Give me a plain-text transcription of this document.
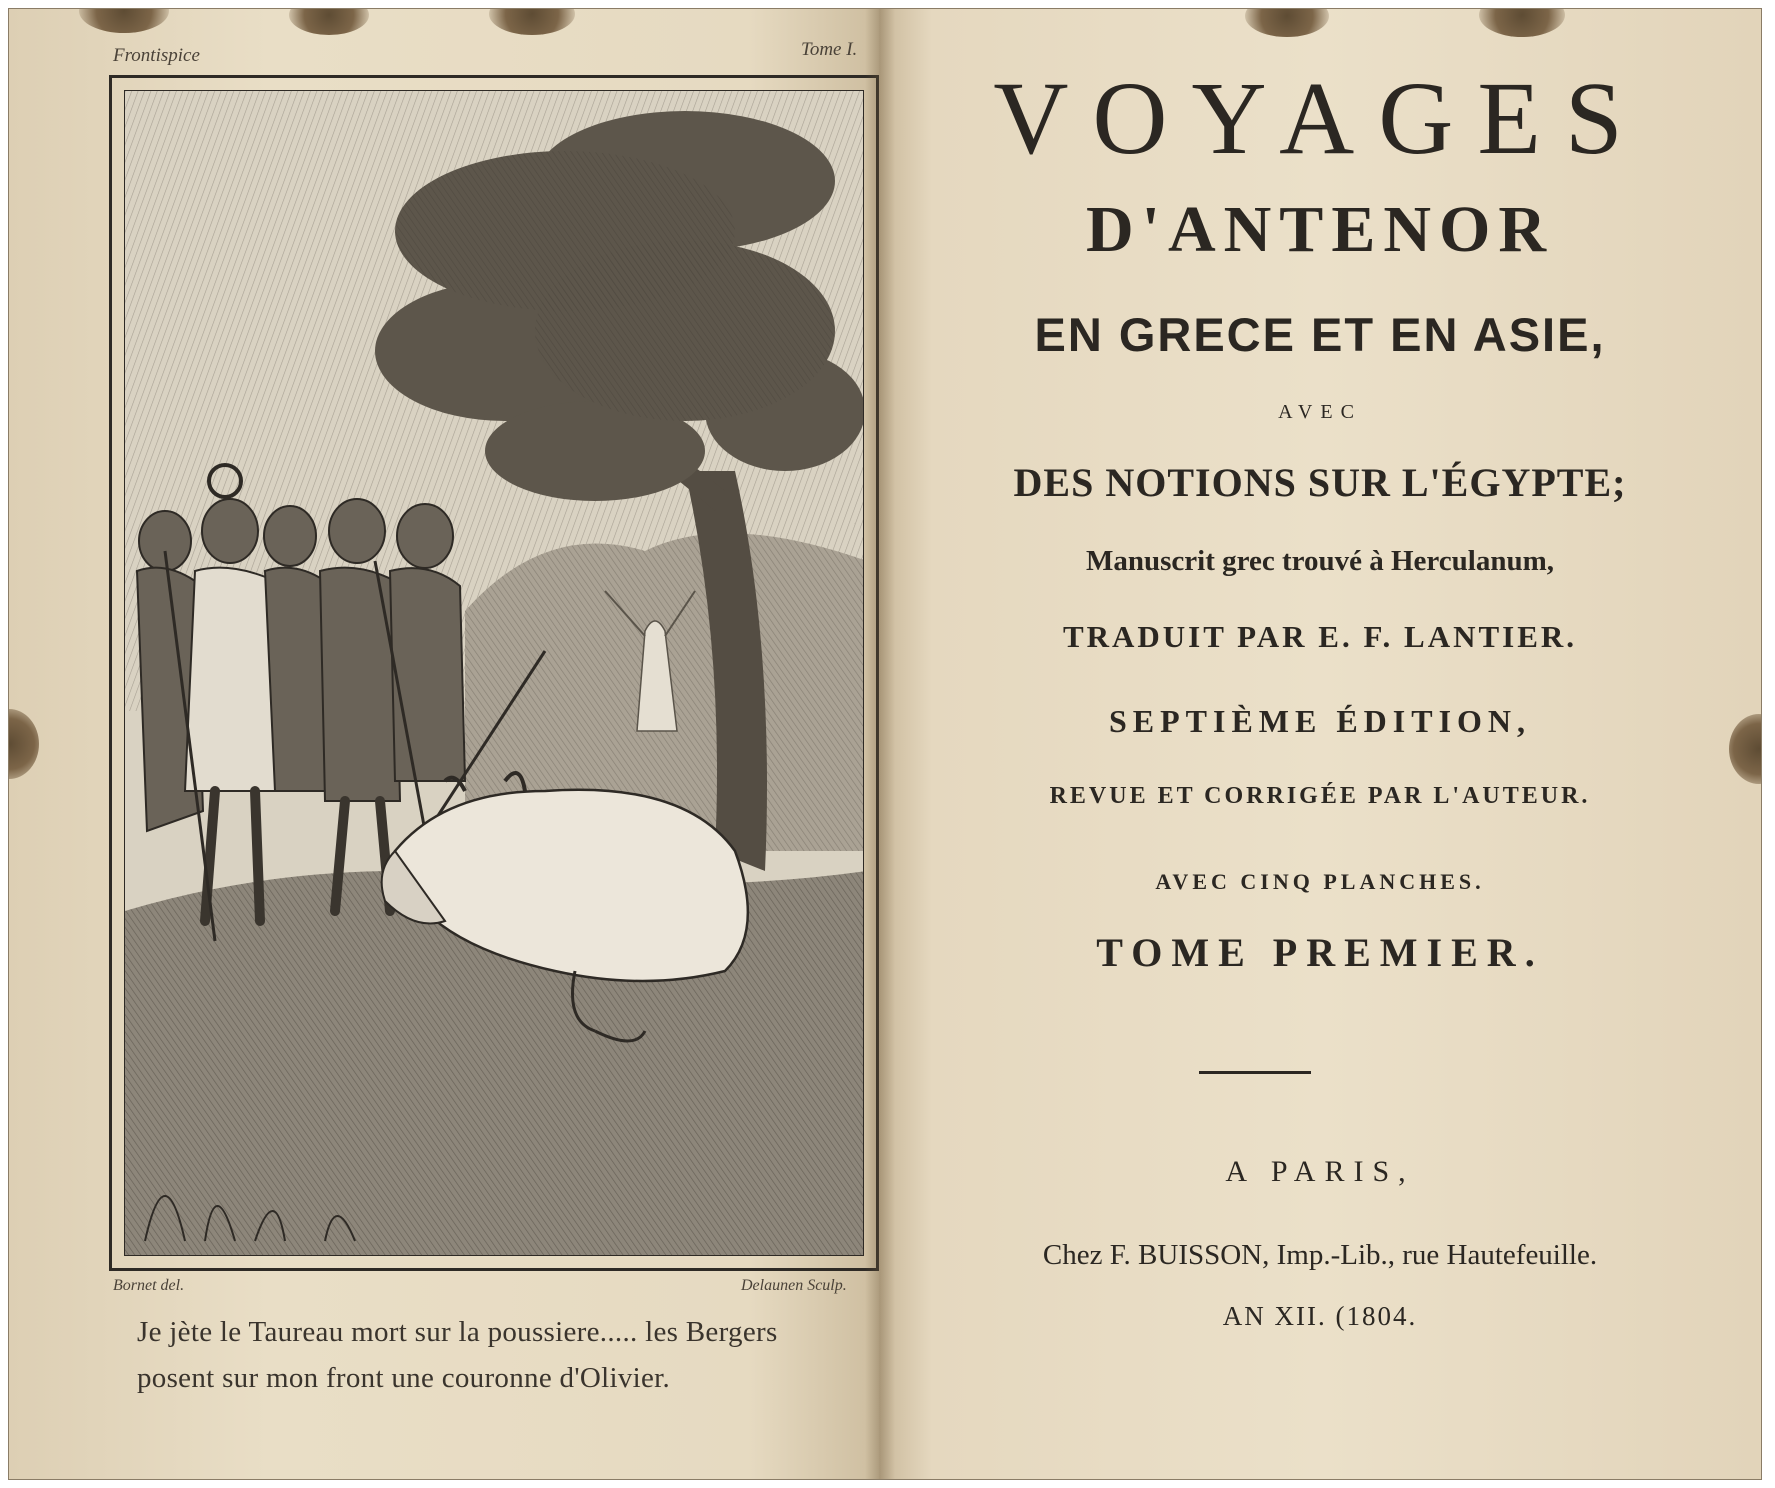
Frontispice	Tome I.
Bornet del.	Delaunen Sculp.
Je jète le Taureau mort sur la poussiere..... les Bergers
posent sur mon front une couronne d'Olivier.
VOYAGES
D'ANTENOR
EN GRECE ET EN ASIE,
AVEC
DES NOTIONS SUR L'ÉGYPTE;
Manuscrit grec trouvé à Herculanum,
TRADUIT PAR E. F. LANTIER.
SEPTIÈME ÉDITION,
REVUE ET CORRIGÉE PAR L'AUTEUR.
AVEC CINQ PLANCHES.
TOME PREMIER.
A PARIS,
Chez F. BUISSON, Imp.-Lib., rue Hautefeuille.
AN XII. (1804.
